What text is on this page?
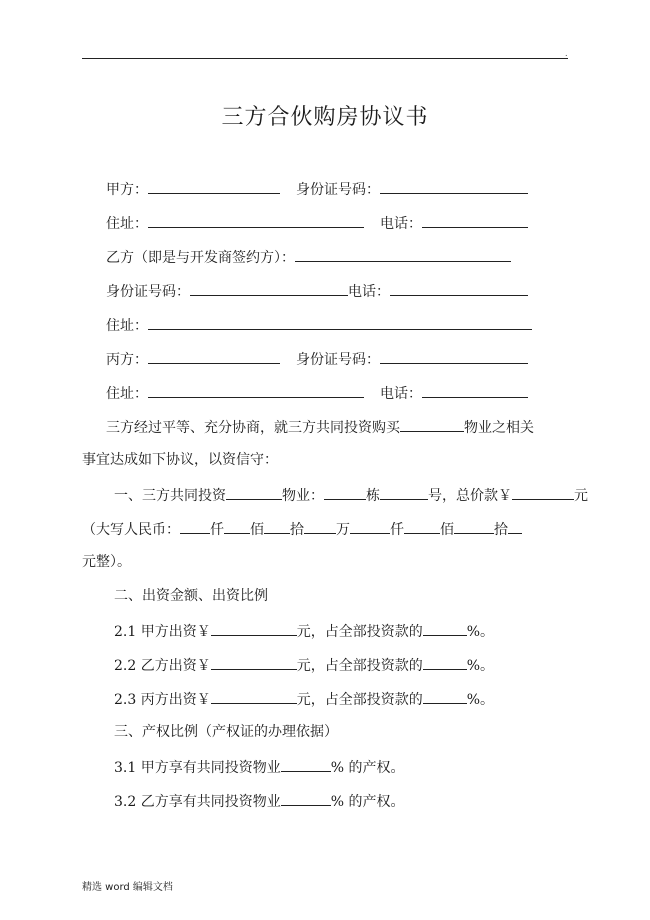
.
三方合伙购房协议书
甲方：	身份证号码：
住址：	电话：
乙方（即是与开发商签约方）：
身份证号码：	电话：
住址：
丙方：	身份证号码：
住址：	电话：
三方经过平等、充分协商，就三方共同投资购买	物业之相关
事宜达成如下协议，以资信守：
一、三方共同投资	物业：	栋	号，总价款￥	元
（大写人民币： 仟 佰 拾 万	仟	佰	拾
元整）。
二、出资金额、出资比例
2.1 甲方出资￥	元，占全部投资款的	%。
2.2 乙方出资￥	元，占全部投资款的	%。
2.3 丙方出资￥	元，占全部投资款的	%。
三、产权比例（产权证的办理依据）
3.1 甲方享有共同投资物业	% 的产权。
3.2 乙方享有共同投资物业	% 的产权。
精选 word 编辑文档
